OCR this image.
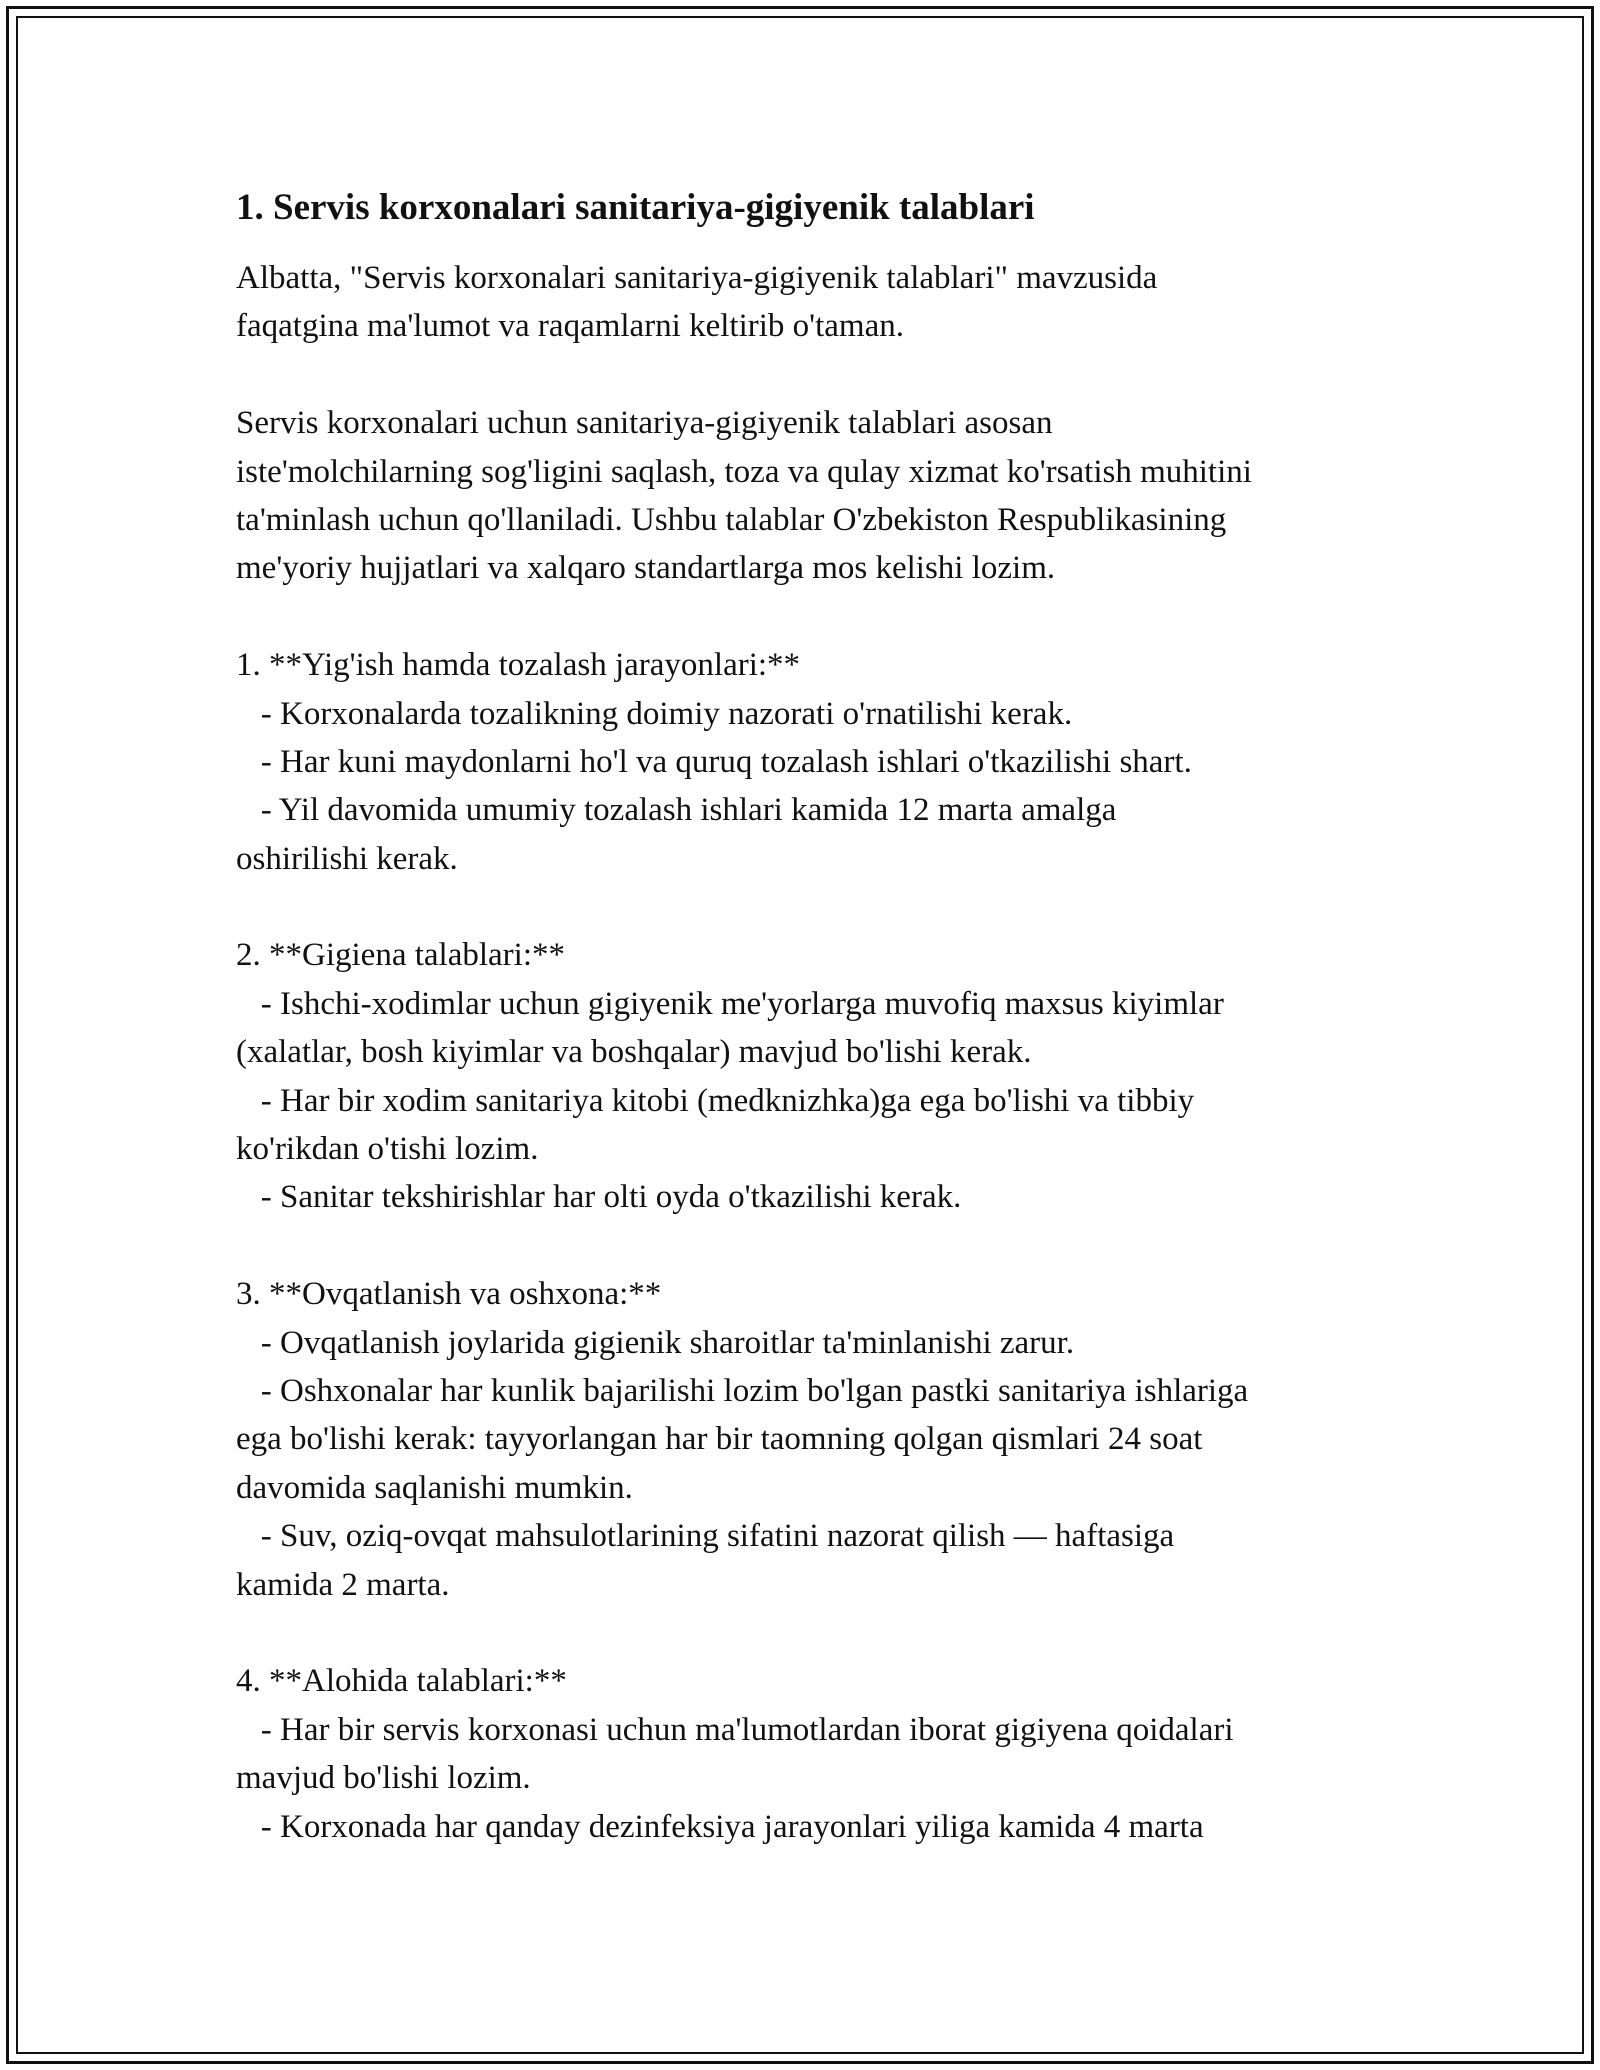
1. Servis korxonalari sanitariya-gigiyenik talablari
Albatta, "Servis korxonalari sanitariya-gigiyenik talablari" mavzusida
faqatgina ma'lumot va raqamlarni keltirib o'taman.
Servis korxonalari uchun sanitariya-gigiyenik talablari asosan
iste'molchilarning sog'ligini saqlash, toza va qulay xizmat ko'rsatish muhitini
ta'minlash uchun qo'llaniladi. Ushbu talablar O'zbekiston Respublikasining
me'yoriy hujjatlari va xalqaro standartlarga mos kelishi lozim.
1. **Yig'ish hamda tozalash jarayonlari:**
- Korxonalarda tozalikning doimiy nazorati o'rnatilishi kerak.
- Har kuni maydonlarni ho'l va quruq tozalash ishlari o'tkazilishi shart.
- Yil davomida umumiy tozalash ishlari kamida 12 marta amalga
oshirilishi kerak.
2. **Gigiena talablari:**
- Ishchi-xodimlar uchun gigiyenik me'yorlarga muvofiq maxsus kiyimlar
(xalatlar, bosh kiyimlar va boshqalar) mavjud bo'lishi kerak.
- Har bir xodim sanitariya kitobi (medknizhka)ga ega bo'lishi va tibbiy
ko'rikdan o'tishi lozim.
- Sanitar tekshirishlar har olti oyda o'tkazilishi kerak.
3. **Ovqatlanish va oshxona:**
- Ovqatlanish joylarida gigienik sharoitlar ta'minlanishi zarur.
- Oshxonalar har kunlik bajarilishi lozim bo'lgan pastki sanitariya ishlariga
ega bo'lishi kerak: tayyorlangan har bir taomning qolgan qismlari 24 soat
davomida saqlanishi mumkin.
- Suv, oziq-ovqat mahsulotlarining sifatini nazorat qilish — haftasiga
kamida 2 marta.
4. **Alohida talablari:**
- Har bir servis korxonasi uchun ma'lumotlardan iborat gigiyena qoidalari
mavjud bo'lishi lozim.
- Korxonada har qanday dezinfeksiya jarayonlari yiliga kamida 4 marta
